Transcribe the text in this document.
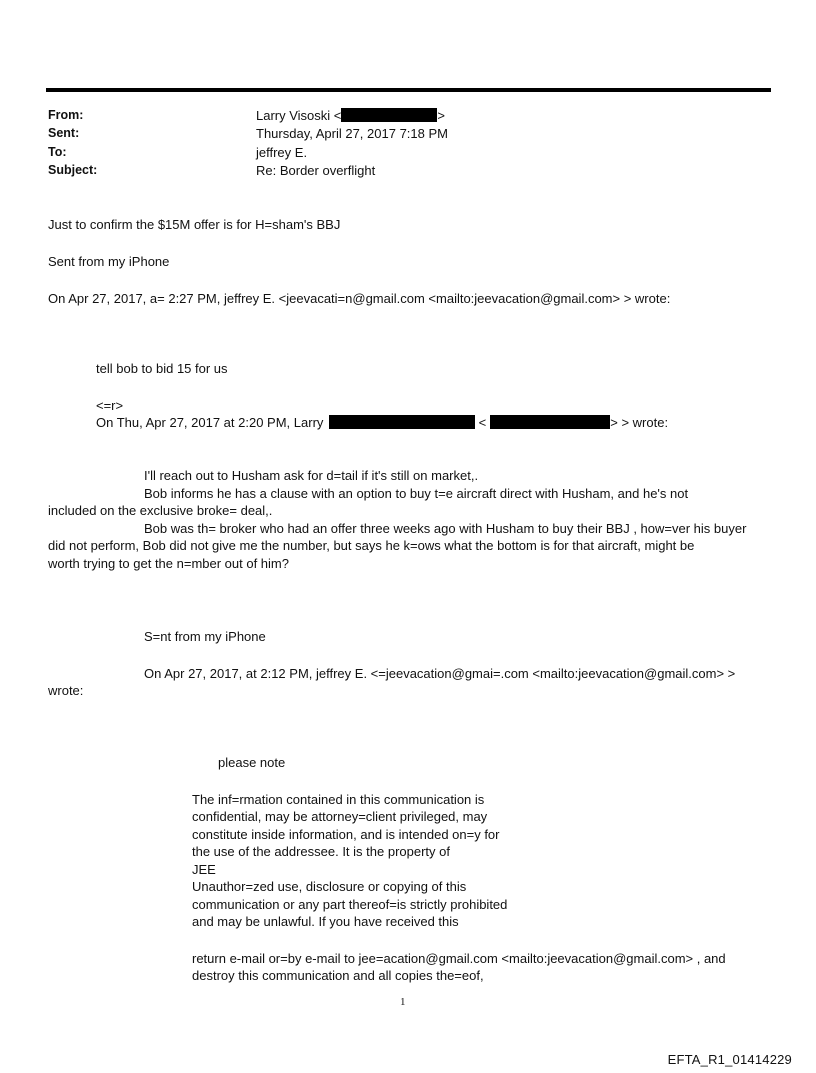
From:	Larry Visoski <	>
Sent:	Thursday, April 27, 2017 7:18 PM
To:	jeffrey E.
Subject:	Re: Border overflight
Just to confirm the $15M offer is for H=sham's BBJ
Sent from my iPhone
On Apr 27, 2017, a= 2:27 PM, jeffrey E. <jeevacati=n@gmail.com <mailto:jeevacation@gmail.com> > wrote:
tell bob to bid 15 for us
<=r>
On Thu, Apr 27, 2017 at 2:20 PM, Larry	<	> > wrote:
I'll reach out to Husham ask for d=tail if it's still on market,.
Bob informs he has a clause with an option to buy t=e aircraft direct with Husham, and he's not
included on the exclusive broke= deal,.
Bob was th= broker who had an offer three weeks ago with Husham to buy their BBJ , how=ver his buyer
did not perform, Bob did not give me the number, but says he k=ows what the bottom is for that aircraft, might be
worth trying to get the n=mber out of him?
S=nt from my iPhone
On Apr 27, 2017, at 2:12 PM, jeffrey E. <=jeevacation@gmai=.com <mailto:jeevacation@gmail.com> >
wrote:
please note
The inf=rmation contained in this communication is
confidential, may be attorney=client privileged, may
constitute inside information, and is intended on=y for
the use of the addressee. It is the property of
JEE
Unauthor=zed use, disclosure or copying of this
communication or any part thereof=is strictly prohibited
and may be unlawful. If you have received this
return e-mail or=by e-mail to jee=acation@gmail.com <mailto:jeevacation@gmail.com> , and
destroy this communication and all copies the=eof,
1
EFTA_R1_01414229
